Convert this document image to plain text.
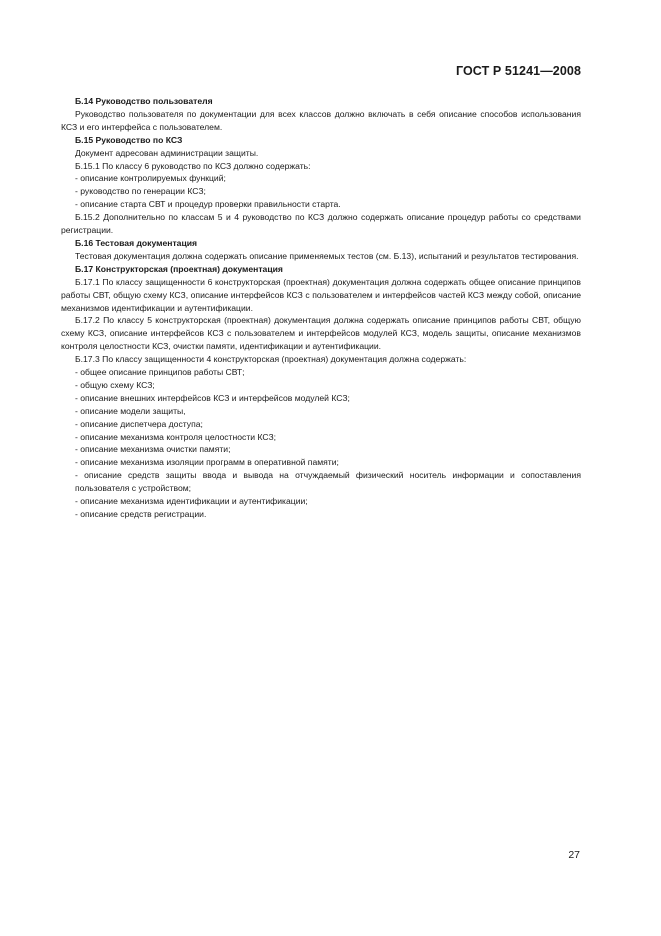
ГОСТ Р 51241—2008

Б.14 Руководство пользователя

Руководство пользователя по документации для всех классов должно включать в себя описание способов использования КСЗ и его интерфейса с пользователем.

Б.15 Руководство по КСЗ

Документ адресован администрации защиты.

Б.15.1 По классу 6 руководство по КСЗ должно содержать:

- описание контролируемых функций;

- руководство по генерации КСЗ;

- описание старта СВТ и процедур проверки правильности старта.

Б.15.2 Дополнительно по классам 5 и 4 руководство по КСЗ должно содержать описание процедур работы со средствами регистрации.

Б.16 Тестовая документация

Тестовая документация должна содержать описание применяемых тестов (см. Б.13), испытаний и результатов тестирования.

Б.17 Конструкторская (проектная) документация

Б.17.1 По классу защищенности 6 конструкторская (проектная) документация должна содержать общее описание принципов работы СВТ, общую схему КСЗ, описание интерфейсов КСЗ с пользователем и интерфейсов частей КСЗ между собой, описание механизмов идентификации и аутентификации.

Б.17.2 По классу 5 конструкторская (проектная) документация должна содержать описание принципов работы СВТ, общую схему КСЗ, описание интерфейсов КСЗ с пользователем и интерфейсов модулей КСЗ, модель защиты, описание механизмов контроля целостности КСЗ, очистки памяти, идентификации и аутентификации.

Б.17.3 По классу защищенности 4 конструкторская (проектная) документация должна содержать:

- общее описание принципов работы СВТ;

- общую схему КСЗ;

- описание внешних интерфейсов КСЗ и интерфейсов модулей КСЗ;

- описание модели защиты,

- описание диспетчера доступа;

- описание механизма контроля целостности КСЗ;

- описание механизма очистки памяти;

- описание механизма изоляции программ в оперативной памяти;

- описание средств защиты ввода и вывода на отчуждаемый физический носитель информации и сопоставления пользователя с устройством;

- описание механизма идентификации и аутентификации;

- описание средств регистрации.

27
